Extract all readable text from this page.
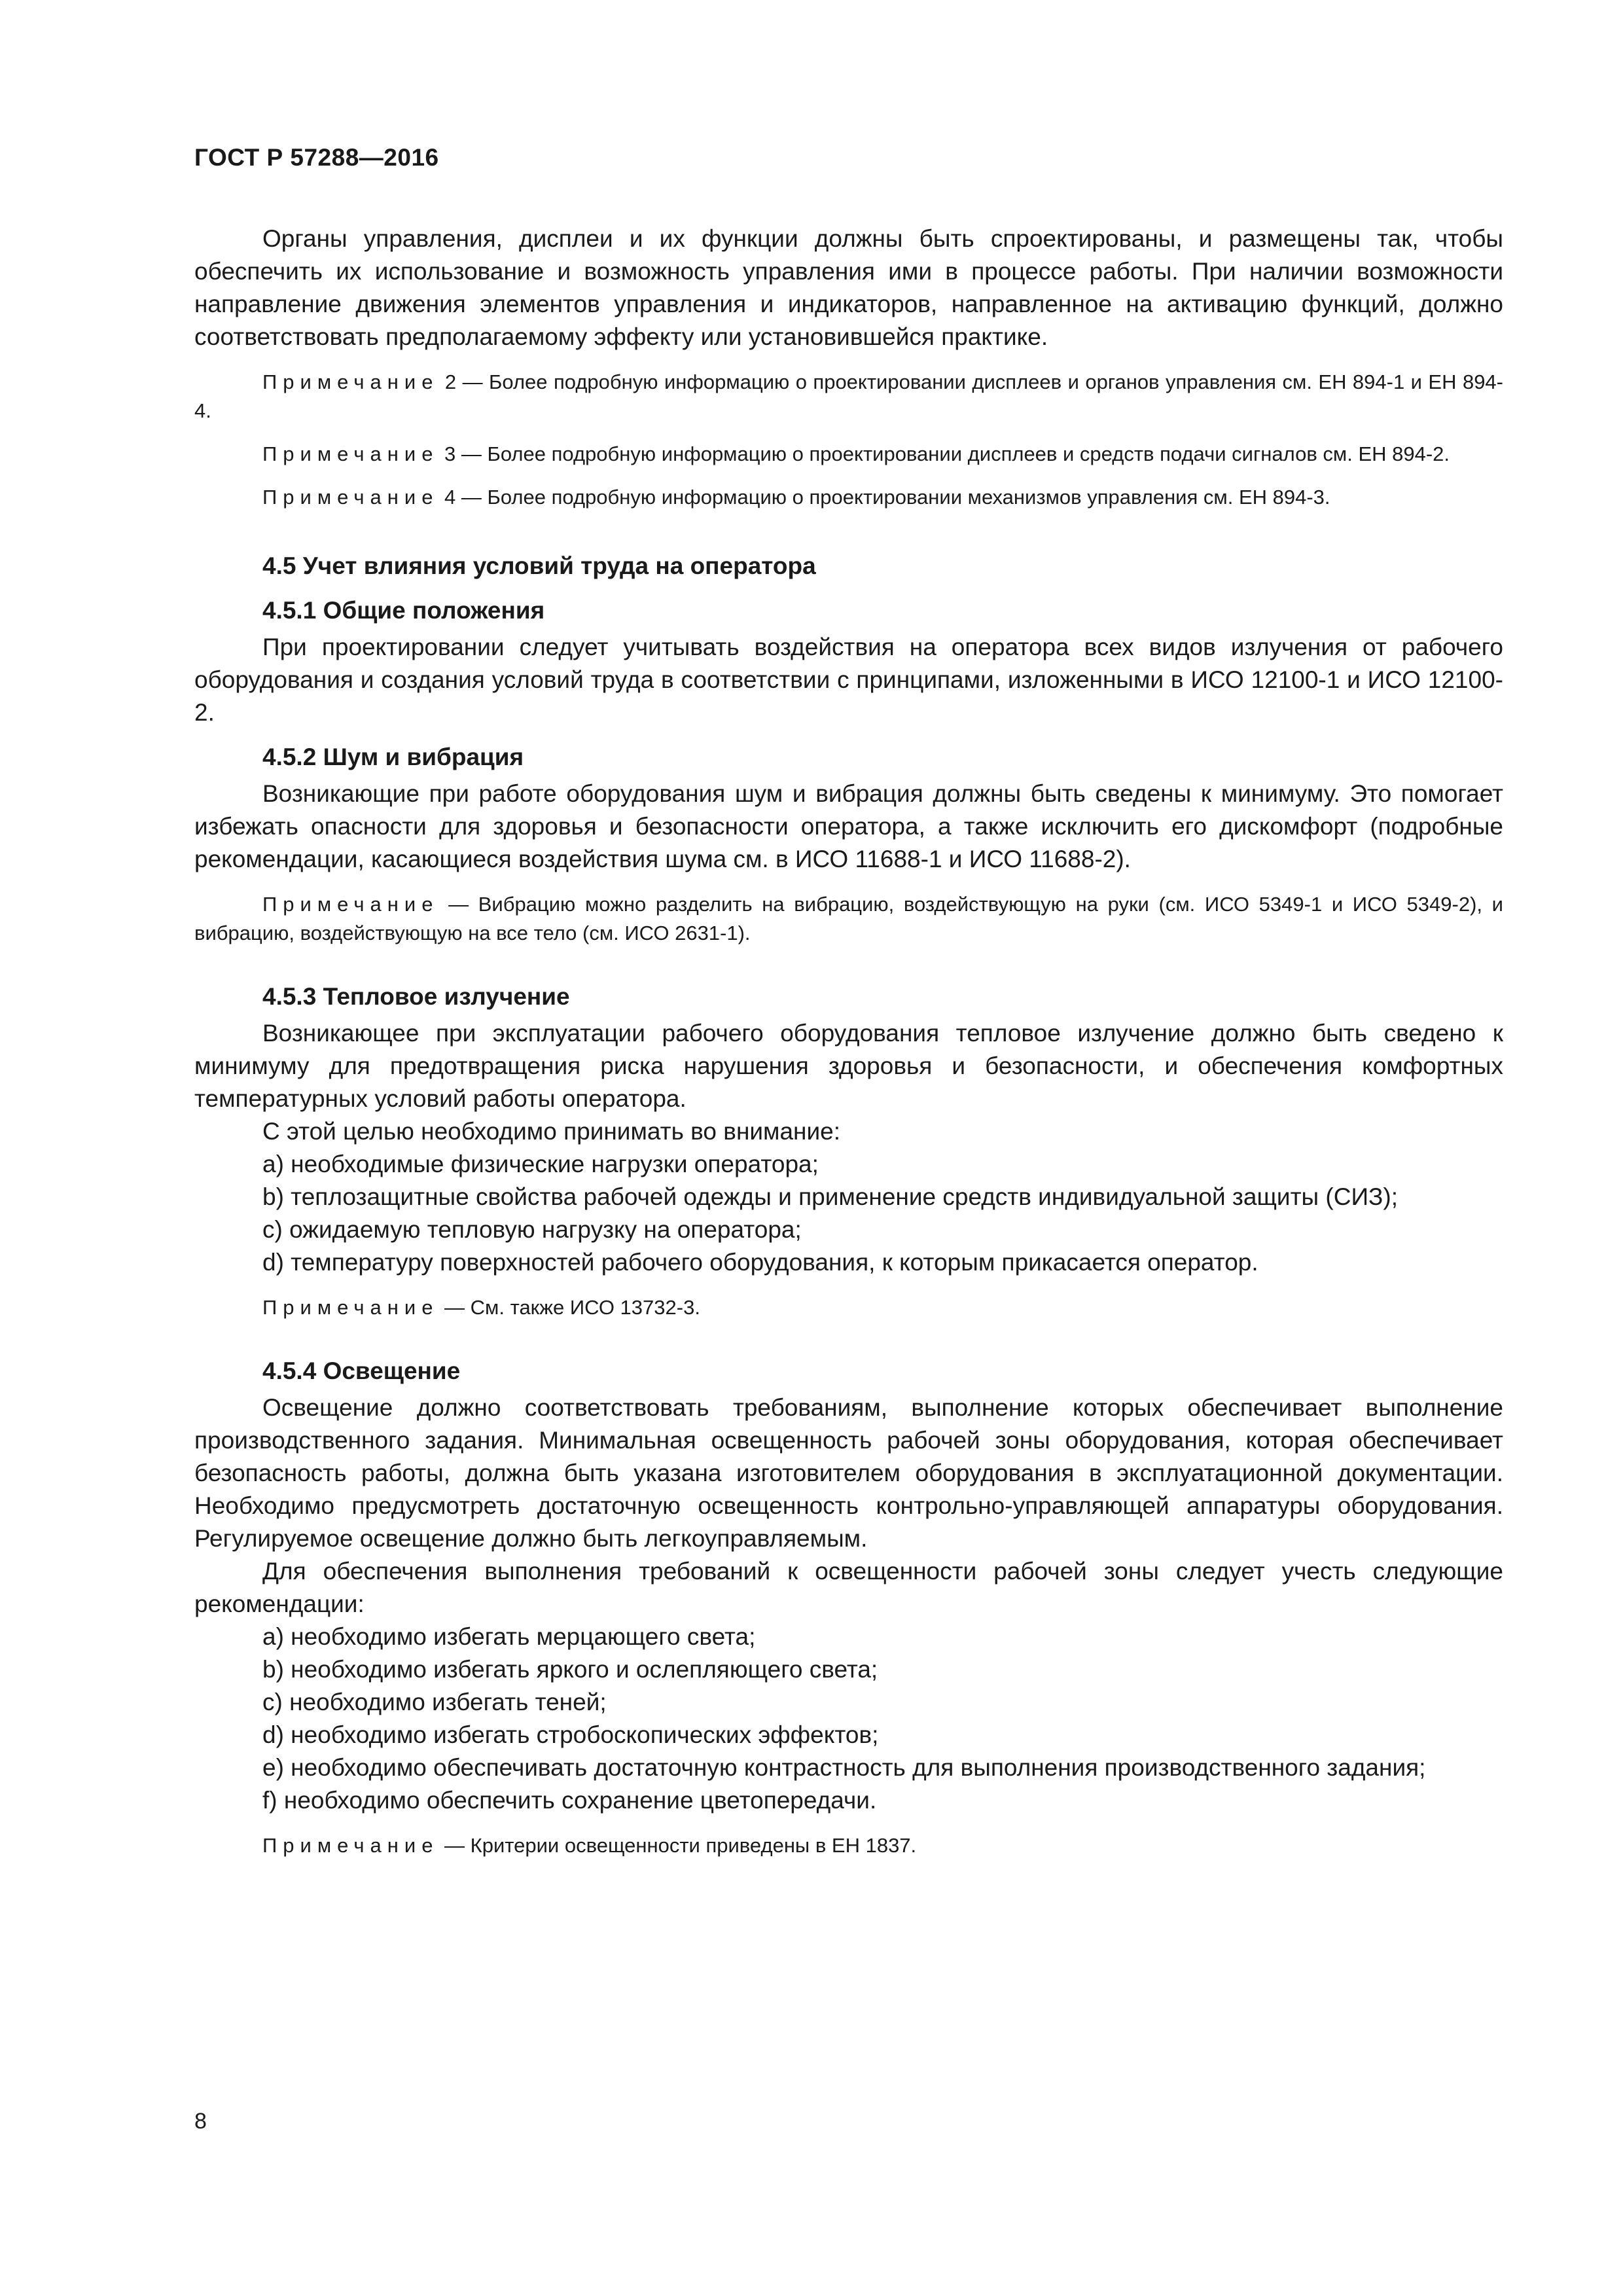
ГОСТ Р 57288—2016

Органы управления, дисплеи и их функции должны быть спроектированы, и размещены так, чтобы обеспечить их использование и возможность управления ими в процессе работы. При наличии возможности направление движения элементов управления и индикаторов, направленное на активацию функций, должно соответствовать предполагаемому эффекту или установившейся практике.

Примечание 2 — Более подробную информацию о проектировании дисплеев и органов управления см. ЕН 894-1 и ЕН 894-4.

Примечание 3 — Более подробную информацию о проектировании дисплеев и средств подачи сигналов см. ЕН 894-2.

Примечание 4 — Более подробную информацию о проектировании механизмов управления см. ЕН 894-3.

4.5 Учет влияния условий труда на оператора
4.5.1 Общие положения

При проектировании следует учитывать воздействия на оператора всех видов излучения от рабочего оборудования и создания условий труда в соответствии с принципами, изложенными в ИСО 12100-1 и ИСО 12100-2.

4.5.2 Шум и вибрация

Возникающие при работе оборудования шум и вибрация должны быть сведены к минимуму. Это помогает избежать опасности для здоровья и безопасности оператора, а также исключить его дискомфорт (подробные рекомендации, касающиеся воздействия шума см. в ИСО 11688-1 и ИСО 11688-2).

Примечание — Вибрацию можно разделить на вибрацию, воздействующую на руки (см. ИСО 5349-1 и ИСО 5349-2), и вибрацию, воздействующую на все тело (см. ИСО 2631-1).

4.5.3 Тепловое излучение

Возникающее при эксплуатации рабочего оборудования тепловое излучение должно быть сведено к минимуму для предотвращения риска нарушения здоровья и безопасности, и обеспечения комфортных температурных условий работы оператора.

С этой целью необходимо принимать во внимание:

a) необходимые физические нагрузки оператора;

b) теплозащитные свойства рабочей одежды и применение средств индивидуальной защиты (СИЗ);

c) ожидаемую тепловую нагрузку на оператора;

d) температуру поверхностей рабочего оборудования, к которым прикасается оператор.

Примечание — См. также ИСО 13732-3.

4.5.4 Освещение

Освещение должно соответствовать требованиям, выполнение которых обеспечивает выполнение производственного задания. Минимальная освещенность рабочей зоны оборудования, которая обеспечивает безопасность работы, должна быть указана изготовителем оборудования в эксплуатационной документации. Необходимо предусмотреть достаточную освещенность контрольно-управляющей аппаратуры оборудования. Регулируемое освещение должно быть легкоуправляемым.

Для обеспечения выполнения требований к освещенности рабочей зоны следует учесть следующие рекомендации:

a) необходимо избегать мерцающего света;

b) необходимо избегать яркого и ослепляющего света;

c) необходимо избегать теней;

d) необходимо избегать стробоскопических эффектов;

e) необходимо обеспечивать достаточную контрастность для выполнения производственного задания;

f) необходимо обеспечить сохранение цветопередачи.

Примечание — Критерии освещенности приведены в ЕН 1837.

8
